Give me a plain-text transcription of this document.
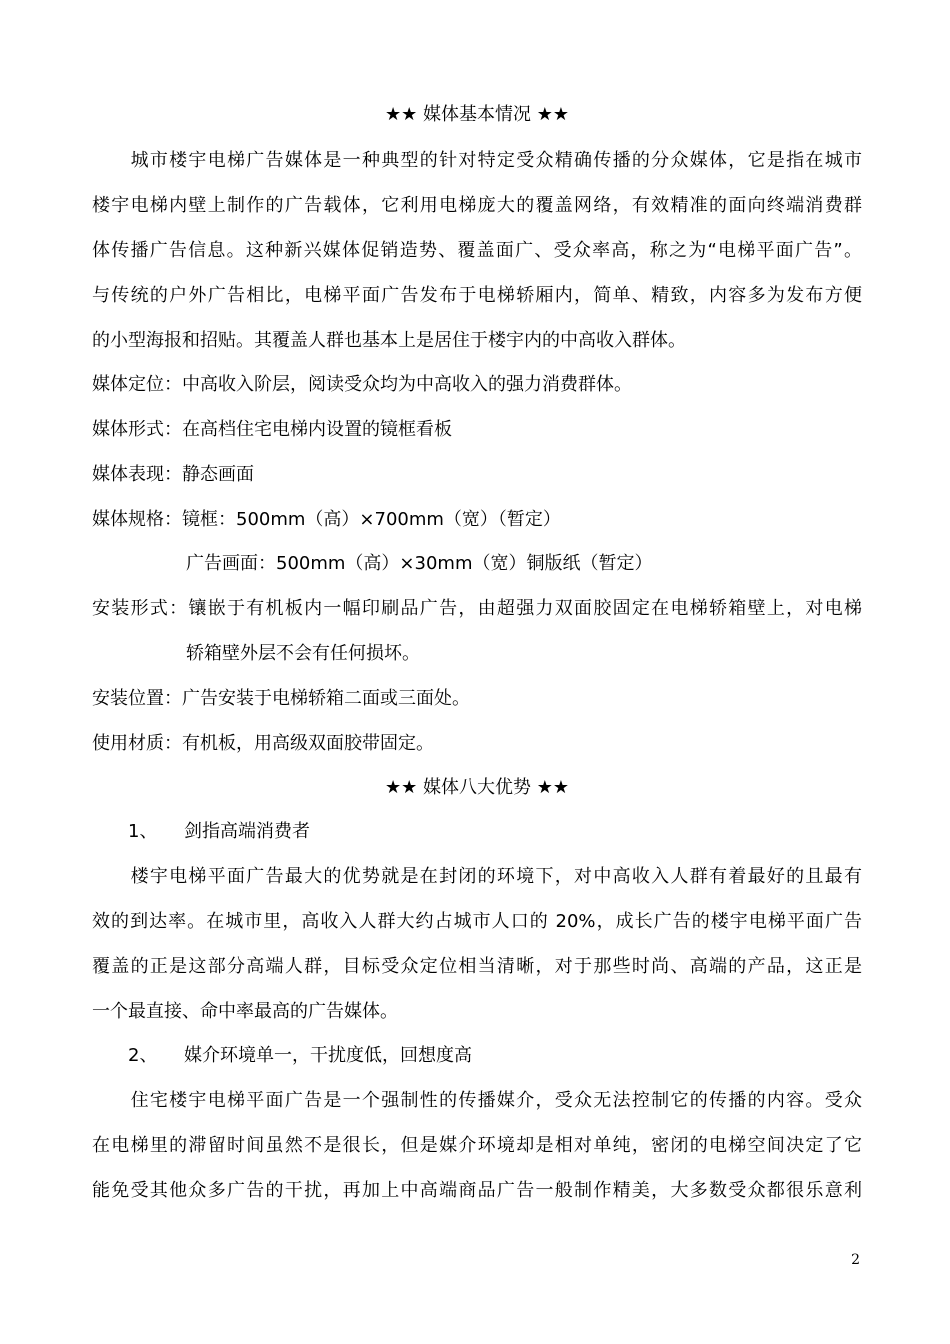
★★ 媒体基本情况 ★★
　　城市楼宇电梯广告媒体是一种典型的针对特定受众精确传播的分众媒体，它是指在城市
楼宇电梯内壁上制作的广告载体，它利用电梯庞大的覆盖网络，有效精准的面向终端消费群
体传播广告信息。这种新兴媒体促销造势、覆盖面广、受众率高，称之为“电梯平面广告”。
与传统的户外广告相比，电梯平面广告发布于电梯轿厢内，简单、精致，内容多为发布方便
的小型海报和招贴。其覆盖人群也基本上是居住于楼宇内的中高收入群体。
媒体定位：中高收入阶层，阅读受众均为中高收入的强力消费群体。
媒体形式：在高档住宅电梯内设置的镜框看板
媒体表现：静态画面
媒体规格：镜框：500mm（高）×700mm（宽）（暂定）
广告画面：500mm（高）×30mm（宽）铜版纸（暂定）
安装形式：镶嵌于有机板内一幅印刷品广告，由超强力双面胶固定在电梯轿箱壁上，对电梯
轿箱壁外层不会有任何损坏。
安装位置：广告安装于电梯轿箱二面或三面处。
使用材质：有机板，用高级双面胶带固定。
★★ 媒体八大优势 ★★
1、 剑指高端消费者
　　楼宇电梯平面广告最大的优势就是在封闭的环境下，对中高收入人群有着最好的且最有
效的到达率。在城市里，高收入人群大约占城市人口的 20%，成长广告的楼宇电梯平面广告
覆盖的正是这部分高端人群，目标受众定位相当清晰，对于那些时尚、高端的产品，这正是
一个最直接、命中率最高的广告媒体。
2、 媒介环境单一，干扰度低，回想度高
　　住宅楼宇电梯平面广告是一个强制性的传播媒介，受众无法控制它的传播的内容。受众
在电梯里的滞留时间虽然不是很长，但是媒介环境却是相对单纯，密闭的电梯空间决定了它
能免受其他众多广告的干扰，再加上中高端商品广告一般制作精美，大多数受众都很乐意利
2
